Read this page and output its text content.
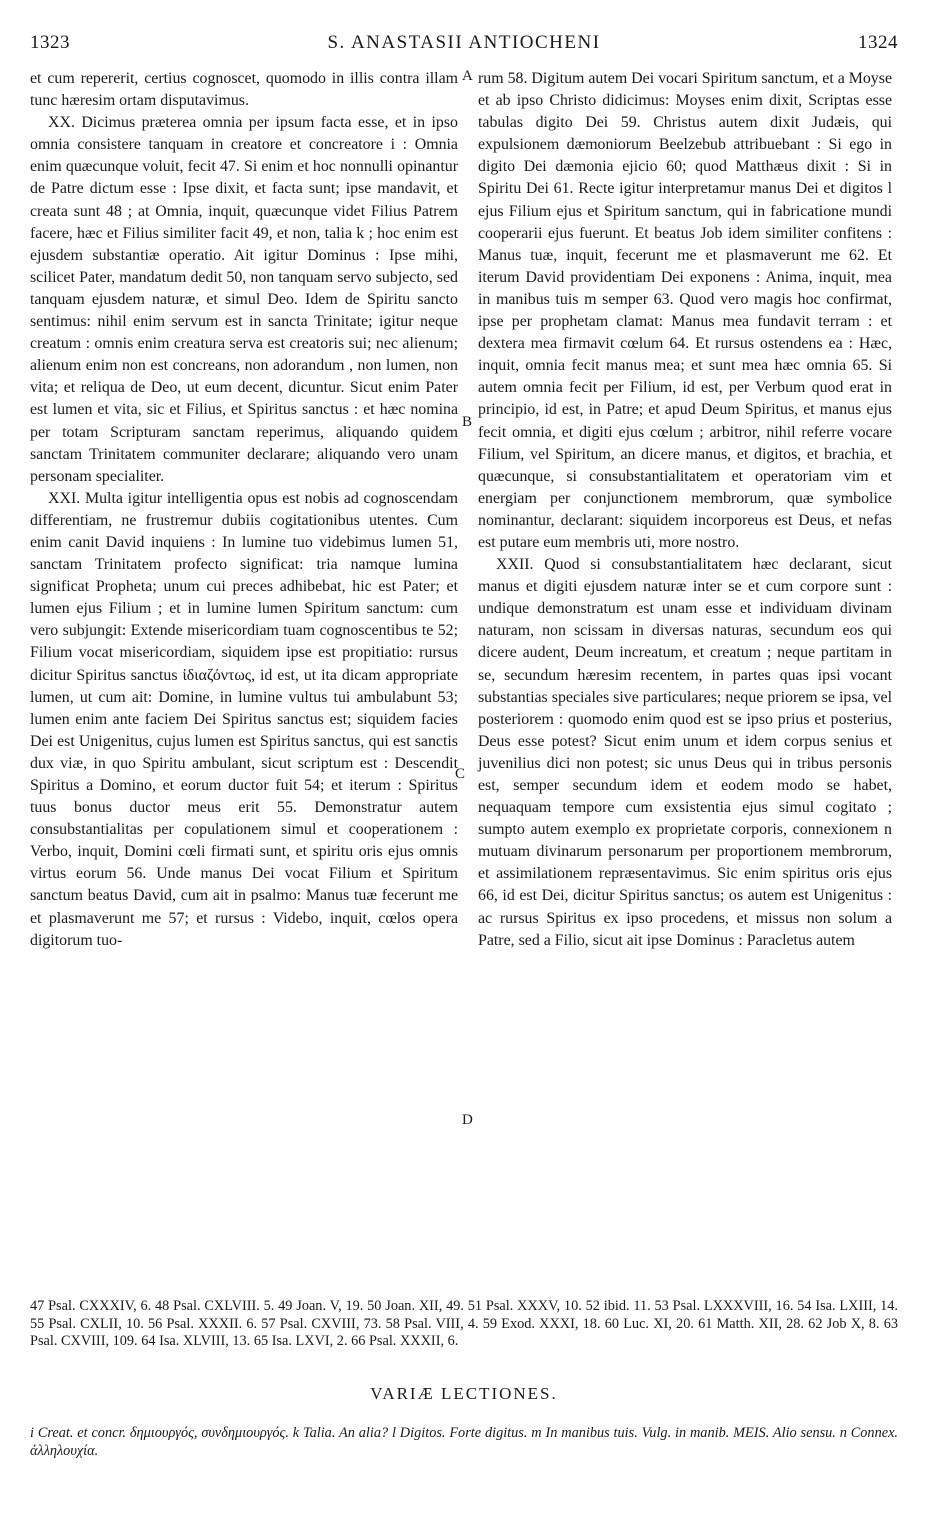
1323	S. ANASTASII ANTIOCHENI	1324

et cum repererit, certius cognoscet, quomodo in illis contra illam tunc hæresim ortam disputavimus.

XX. Dicimus præterea omnia per ipsum facta esse, et in ipso omnia consistere tanquam in creatore et concreatore i : Omnia enim quæcunque voluit, fecit 47. Si enim et hoc nonnulli opinantur de Patre dictum esse : Ipse dixit, et facta sunt; ipse mandavit, et creata sunt 48 ; at Omnia, inquit, quæcunque videt Filius Patrem facere, hæc et Filius similiter facit 49, et non, talia k ; hoc enim est ejusdem substantiæ operatio. Ait igitur Dominus : Ipse mihi, scilicet Pater, mandatum dedit 50, non tanquam servo subjecto, sed tanquam ejusdem naturæ, et simul Deo. Idem de Spiritu sancto sentimus: nihil enim servum est in sancta Trinitate; igitur neque creatum : omnis enim creatura serva est creatoris sui; nec alienum; alienum enim non est concreans, non adorandum , non lumen, non vita; et reliqua de Deo, ut eum decent, dicuntur. Sicut enim Pater est lumen et vita, sic et Filius, et Spiritus sanctus : et hæc nomina per totam Scripturam sanctam reperimus, aliquando quidem sanctam Trinitatem communiter declarare; aliquando vero unam personam specialiter.

XXI. Multa igitur intelligentia opus est nobis ad cognoscendam differentiam, ne frustremur dubiis cogitationibus utentes. Cum enim canit David inquiens : In lumine tuo videbimus lumen 51, sanctam Trinitatem profecto significat: tria namque lumina significat Propheta; unum cui preces adhibebat, hic est Pater; et lumen ejus Filium ; et in lumine lumen Spiritum sanctum: cum vero subjungit: Extende misericordiam tuam cognoscentibus te 52; Filium vocat misericordiam, siquidem ipse est propitiatio: rursus dicitur Spiritus sanctus ἰδιαζόντως, id est, ut ita dicam appropriate lumen, ut cum ait: Domine, in lumine vultus tui ambulabunt 53; lumen enim ante faciem Dei Spiritus sanctus est; siquidem facies Dei est Unigenitus, cujus lumen est Spiritus sanctus, qui est sanctis dux viæ, in quo Spiritu ambulant, sicut scriptum est : Descendit Spiritus a Domino, et eorum ductor fuit 54; et iterum : Spiritus tuus bonus ductor meus erit 55. Demonstratur autem consubstantialitas per copulationem simul et cooperationem : Verbo, inquit, Domini cœli firmati sunt, et spiritu oris ejus omnis virtus eorum 56. Unde manus Dei vocat Filium et Spiritum sanctum beatus David, cum ait in psalmo: Manus tuæ fecerunt me et plasmaverunt me 57; et rursus : Videbo, inquit, cœlos opera digitorum tuo-

A
B
C
D

rum 58. Digitum autem Dei vocari Spiritum sanctum, et a Moyse et ab ipso Christo didicimus: Moyses enim dixit, Scriptas esse tabulas digito Dei 59. Christus autem dixit Judæis, qui expulsionem dæmoniorum Beelzebub attribuebant : Si ego in digito Dei dæmonia ejicio 60; quod Matthæus dixit : Si in Spiritu Dei 61. Recte igitur interpretamur manus Dei et digitos l ejus Filium ejus et Spiritum sanctum, qui in fabricatione mundi cooperarii ejus fuerunt. Et beatus Job idem similiter confitens : Manus tuæ, inquit, fecerunt me et plasmaverunt me 62. Et iterum David providentiam Dei exponens : Anima, inquit, mea in manibus tuis m semper 63. Quod vero magis hoc confirmat, ipse per prophetam clamat: Manus mea fundavit terram : et dextera mea firmavit cœlum 64. Et rursus ostendens ea : Hæc, inquit, omnia fecit manus mea; et sunt mea hæc omnia 65. Si autem omnia fecit per Filium, id est, per Verbum quod erat in principio, id est, in Patre; et apud Deum Spiritus, et manus ejus fecit omnia, et digiti ejus cœlum ; arbitror, nihil referre vocare Filium, vel Spiritum, an dicere manus, et digitos, et brachia, et quæcunque, si consubstantialitatem et operatoriam vim et energiam per conjunctionem membrorum, quæ symbolice nominantur, declarant: siquidem incorporeus est Deus, et nefas est putare eum membris uti, more nostro.

XXII. Quod si consubstantialitatem hæc declarant, sicut manus et digiti ejusdem naturæ inter se et cum corpore sunt : undique demonstratum est unam esse et individuam divinam naturam, non scissam in diversas naturas, secundum eos qui dicere audent, Deum increatum, et creatum ; neque partitam in se, secundum hæresim recentem, in partes quas ipsi vocant substantias speciales sive particulares; neque priorem se ipsa, vel posteriorem : quomodo enim quod est se ipso prius et posterius, Deus esse potest? Sicut enim unum et idem corpus senius et juvenilius dici non potest; sic unus Deus qui in tribus personis est, semper secundum idem et eodem modo se habet, nequaquam tempore cum exsistentia ejus simul cogitato ; sumpto autem exemplo ex proprietate corporis, connexionem n mutuam divinarum personarum per proportionem membrorum, et assimilationem repræsentavimus. Sic enim spiritus oris ejus 66, id est Dei, dicitur Spiritus sanctus; os autem est Unigenitus : ac rursus Spiritus ex ipso procedens, et missus non solum a Patre, sed a Filio, sicut ait ipse Dominus : Paracletus autem

47 Psal. CXXXIV, 6. 48 Psal. CXLVIII. 5. 49 Joan. V, 19. 50 Joan. XII, 49. 51 Psal. XXXV, 10. 52 ibid. 11. 53 Psal. LXXXVIII, 16. 54 Isa. LXIII, 14. 55 Psal. CXLII, 10. 56 Psal. XXXII. 6. 57 Psal. CXVIII, 73. 58 Psal. VIII, 4. 59 Exod. XXXI, 18. 60 Luc. XI, 20. 61 Matth. XII, 28. 62 Job X, 8. 63 Psal. CXVIII, 109. 64 Isa. XLVIII, 13. 65 Isa. LXVI, 2. 66 Psal. XXXII, 6.
VARIÆ LECTIONES.
i Creat. et concr. δημιουργός, συνδημιουργός. k Talia. An alia? l Digitos. Forte digitus. m In manibus tuis. Vulg. in manib. MEIS. Alio sensu. n Connex. ἀλληλουχία.
